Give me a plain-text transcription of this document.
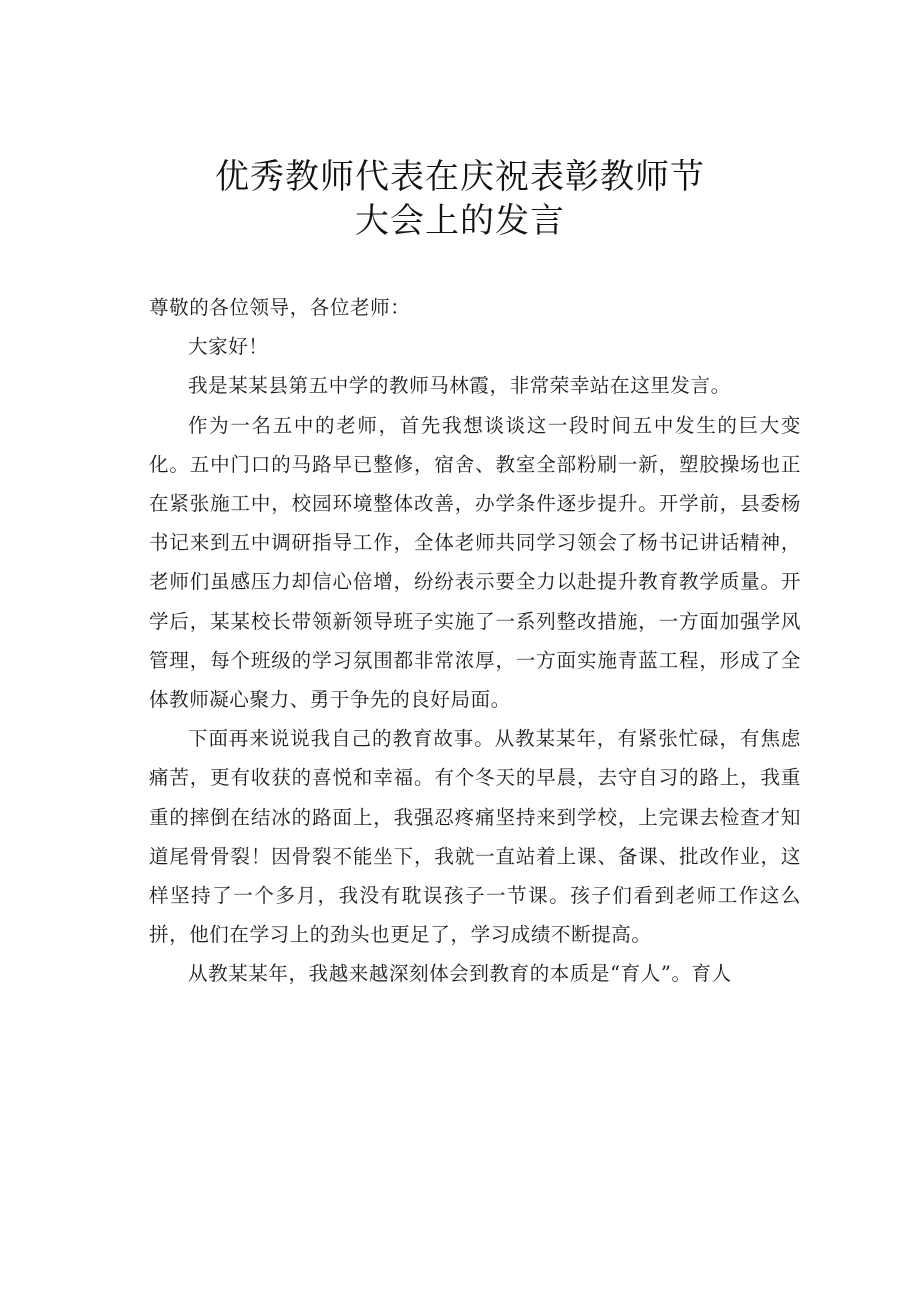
优秀教师代表在庆祝表彰教师节
大会上的发言

尊敬的各位领导，各位老师：

大家好！

我是某某县第五中学的教师马林霞，非常荣幸站在这里发言。

作为一名五中的老师，首先我想谈谈这一段时间五中发生的巨大变化。五中门口的马路早已整修，宿舍、教室全部粉刷一新，塑胶操场也正在紧张施工中，校园环境整体改善，办学条件逐步提升。开学前，县委杨书记来到五中调研指导工作，全体老师共同学习领会了杨书记讲话精神，老师们虽感压力却信心倍增，纷纷表示要全力以赴提升教育教学质量。开学后，某某校长带领新领导班子实施了一系列整改措施，一方面加强学风管理，每个班级的学习氛围都非常浓厚，一方面实施青蓝工程，形成了全体教师凝心聚力、勇于争先的良好局面。

下面再来说说我自己的教育故事。从教某某年，有紧张忙碌，有焦虑痛苦，更有收获的喜悦和幸福。有个冬天的早晨，去守自习的路上，我重重的摔倒在结冰的路面上，我强忍疼痛坚持来到学校，上完课去检查才知道尾骨骨裂！因骨裂不能坐下，我就一直站着上课、备课、批改作业，这样坚持了一个多月，我没有耽误孩子一节课。孩子们看到老师工作这么拼，他们在学习上的劲头也更足了，学习成绩不断提高。

从教某某年，我越来越深刻体会到教育的本质是“育人”。育人
